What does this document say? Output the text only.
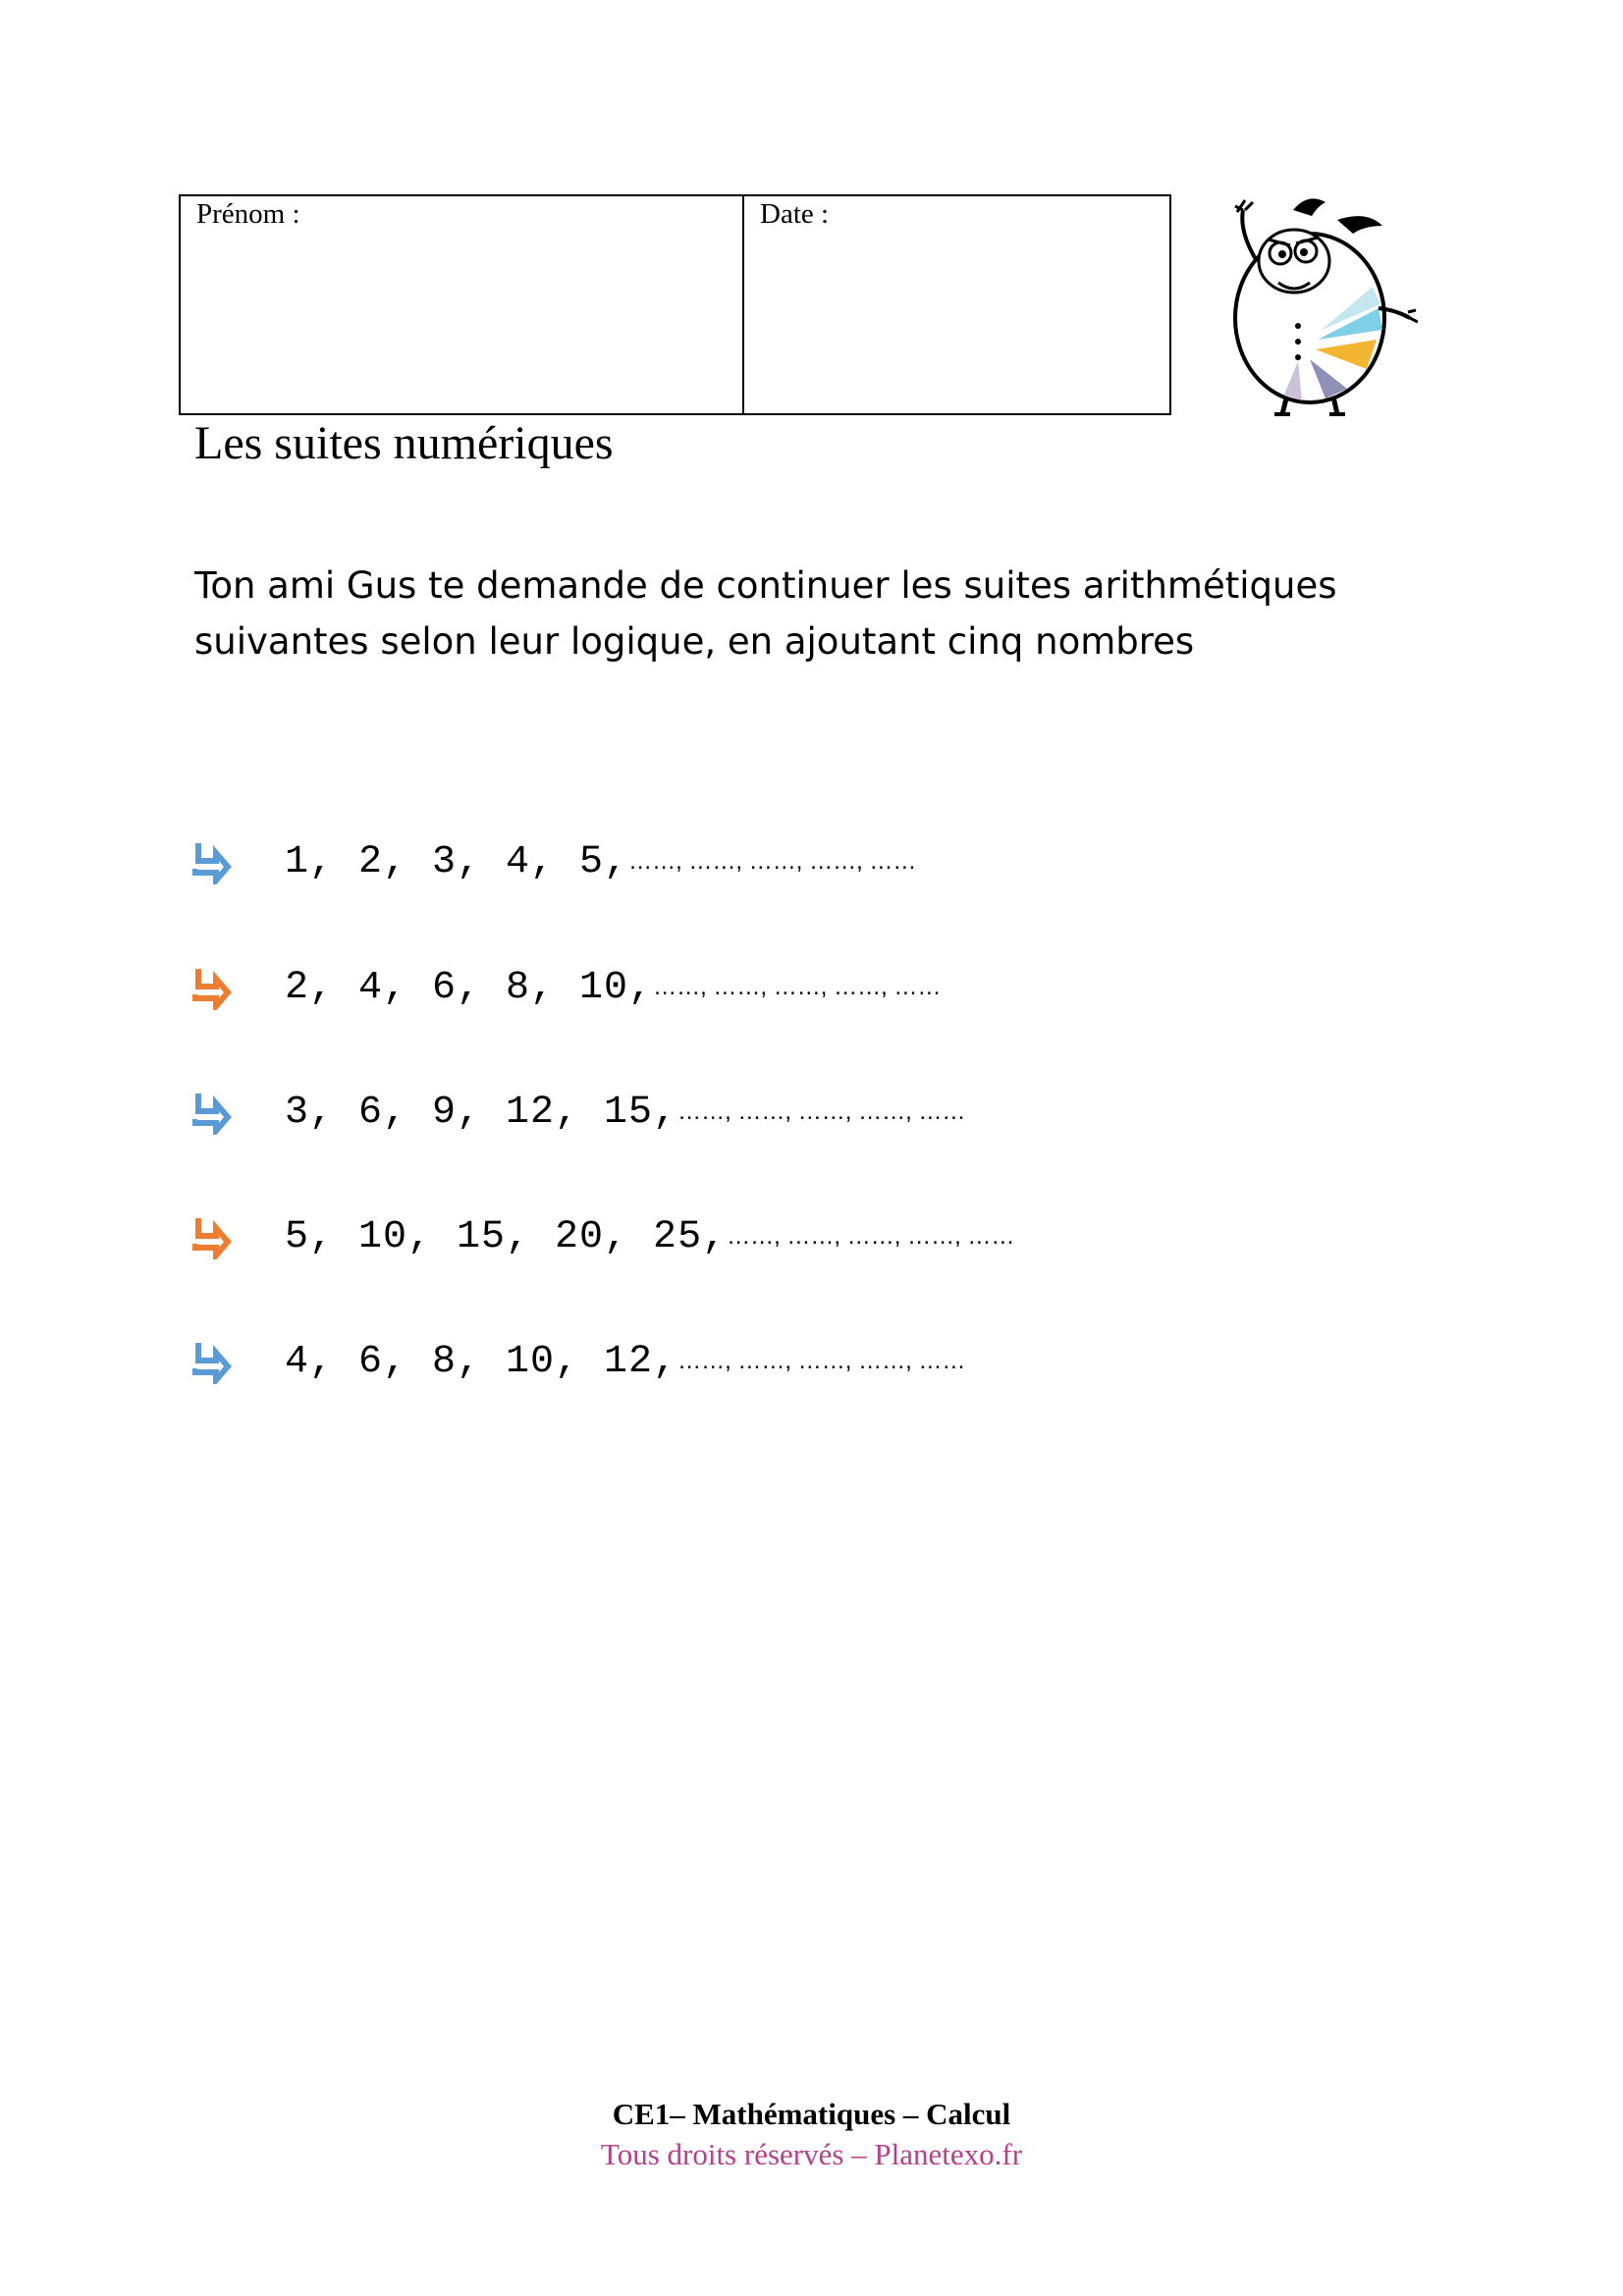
Prénom :	Date :
Les suites numériques
Ton ami Gus te demande de continuer les suites arithmétiques suivantes selon leur logique, en ajoutant cinq nombres
1, 2, 3, 4, 5, ……, ……, ……, ……, ……
2, 4, 6, 8, 10, ……, ……, ……, ……, ……
3, 6, 9, 12, 15, ……, ……, ……, ……, ……
5, 10, 15, 20, 25, ……, ……, ……, ……, ……
4, 6, 8, 10, 12, ……, ……, ……, ……, ……
CE1– Mathématiques – Calcul
Tous droits réservés – Planetexo.fr
